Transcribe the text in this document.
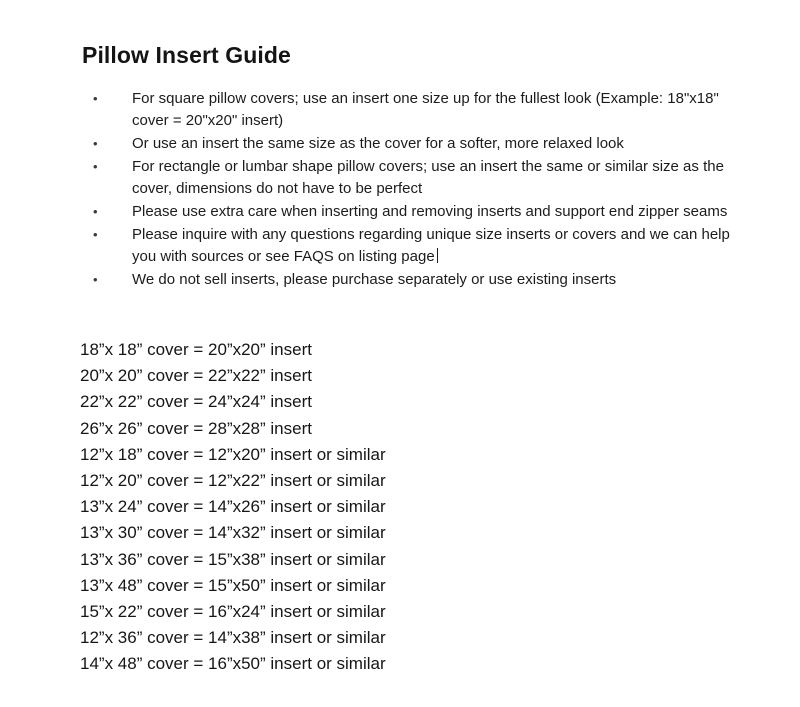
Pillow Insert Guide
• For square pillow covers; use an insert one size up for the fullest look (Example: 18"x18" cover = 20"x20" insert)
• Or use an insert the same size as the cover for a softer, more relaxed look
• For rectangle or lumbar shape pillow covers; use an insert the same or similar size as the cover, dimensions do not have to be perfect
• Please use extra care when inserting and removing inserts and support end zipper seams
• Please inquire with any questions regarding unique size inserts or covers and we can help you with sources or see FAQS on listing page
• We do not sell inserts, please purchase separately or use existing inserts
18”x 18” cover = 20”x20” insert
20”x 20” cover = 22”x22” insert
22”x 22” cover = 24”x24” insert
26”x 26” cover = 28”x28” insert
12”x 18” cover = 12”x20” insert or similar
12”x 20” cover = 12”x22” insert or similar
13”x 24” cover = 14”x26” insert or similar
13”x 30” cover = 14”x32” insert or similar
13”x 36” cover = 15”x38” insert or similar
13”x 48” cover = 15”x50” insert or similar
15”x 22” cover = 16”x24” insert or similar
12”x 36” cover = 14”x38” insert or similar
14”x 48” cover = 16”x50” insert or similar
